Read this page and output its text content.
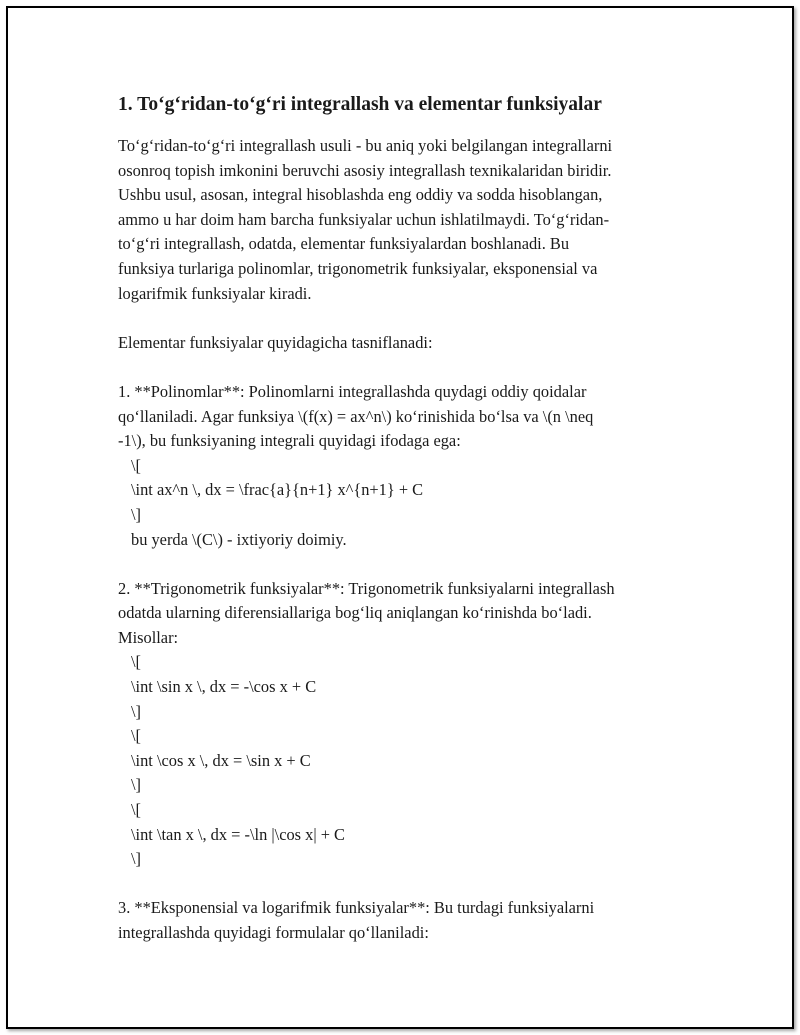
1. To‘g‘ridan-to‘g‘ri integrallash va elementar funksiyalar
To‘g‘ridan-to‘g‘ri integrallash usuli - bu aniq yoki belgilangan integrallarni
osonroq topish imkonini beruvchi asosiy integrallash texnikalaridan biridir.
Ushbu usul, asosan, integral hisoblashda eng oddiy va sodda hisoblangan,
ammo u har doim ham barcha funksiyalar uchun ishlatilmaydi. To‘g‘ridan-
to‘g‘ri integrallash, odatda, elementar funksiyalardan boshlanadi. Bu
funksiya turlariga polinomlar, trigonometrik funksiyalar, eksponensial va
logarifmik funksiyalar kiradi.
Elementar funksiyalar quyidagicha tasniflanadi:
1. **Polinomlar**: Polinomlarni integrallashda quydagi oddiy qoidalar
qo‘llaniladi. Agar funksiya \(f(x) = ax^n\) ko‘rinishida bo‘lsa va \(n \neq
-1\), bu funksiyaning integrali quyidagi ifodaga ega:
\[
\int ax^n \, dx = \frac{a}{n+1} x^{n+1} + C
\]
bu yerda \(C\) - ixtiyoriy doimiy.
2. **Trigonometrik funksiyalar**: Trigonometrik funksiyalarni integrallash
odatda ularning diferensiallariga bog‘liq aniqlangan ko‘rinishda bo‘ladi.
Misollar:
\[
\int \sin x \, dx = -\cos x + C
\]
\[
\int \cos x \, dx = \sin x + C
\]
\[
\int \tan x \, dx = -\ln |\cos x| + C
\]
3. **Eksponensial va logarifmik funksiyalar**: Bu turdagi funksiyalarni
integrallashda quyidagi formulalar qo‘llaniladi:
